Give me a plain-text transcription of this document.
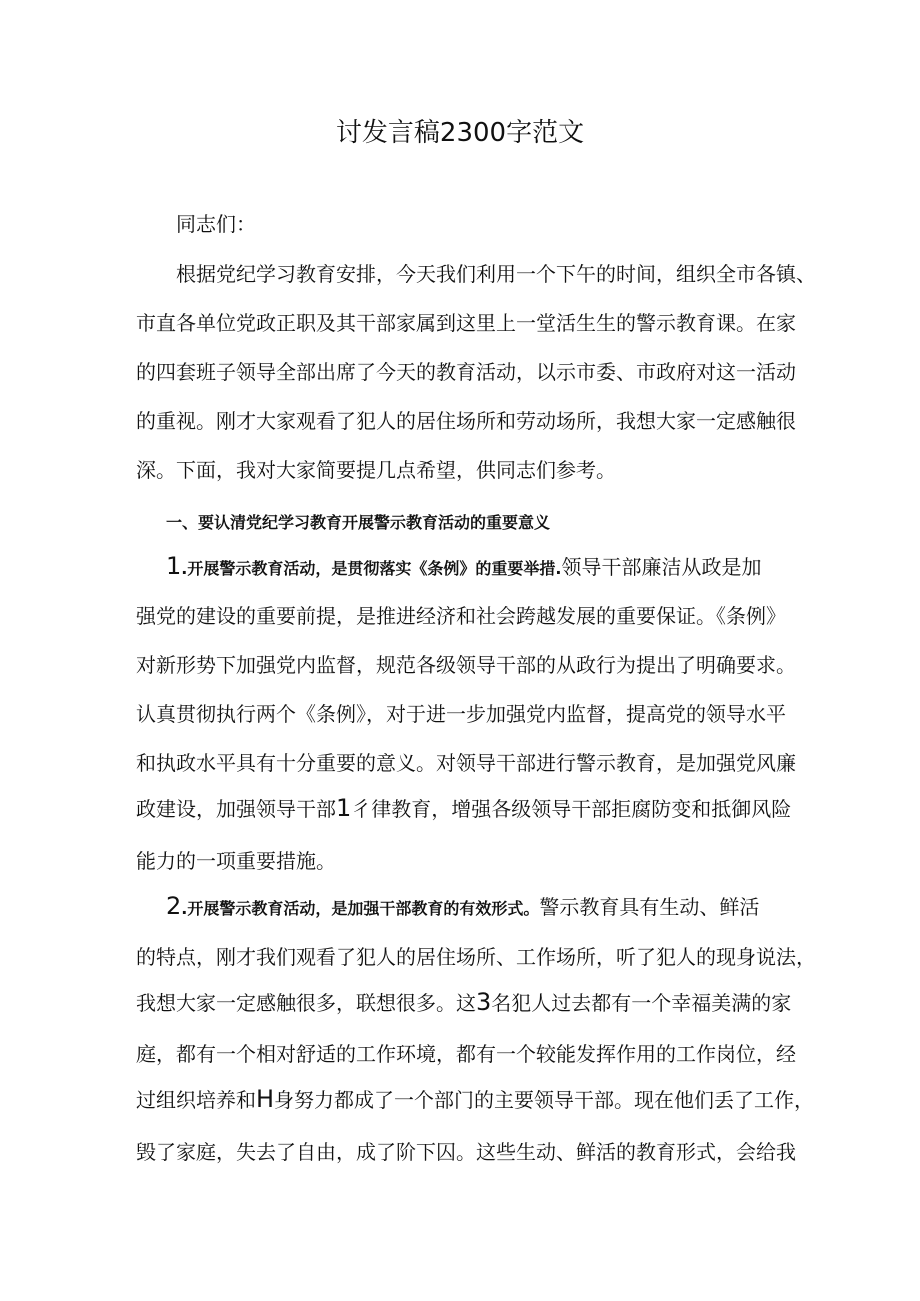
讨发言稿2300字范文
同志们：
根据党纪学习教育安排，今天我们利用一个下午的时间，组织全市各镇、
市直各单位党政正职及其干部家属到这里上一堂活生生的警示教育课。在家
的四套班子领导全部出席了今天的教育活动，以示市委、市政府对这一活动
的重视。刚才大家观看了犯人的居住场所和劳动场所，我想大家一定感触很
深。下面，我对大家简要提几点希望，供同志们参考。
一、要认清党纪学习教育开展警示教育活动的重要意义
1.开展警示教育活动，是贯彻落实《条例》的重要举措.领导干部廉洁从政是加
强党的建设的重要前提，是推进经济和社会跨越发展的重要保证。《条例》
对新形势下加强党内监督，规范各级领导干部的从政行为提出了明确要求。
认真贯彻执行两个《条例》，对于进一步加强党内监督，提高党的领导水平
和执政水平具有十分重要的意义。对领导干部进行警示教育，是加强党风廉
政建设，加强领导干部1彳律教育，增强各级领导干部拒腐防变和抵御风险
能力的一项重要措施。
2.开展警示教育活动，是加强干部教育的有效形式。警示教育具有生动、鲜活
的特点，刚才我们观看了犯人的居住场所、工作场所，听了犯人的现身说法，
我想大家一定感触很多，联想很多。这3名犯人过去都有一个幸福美满的家
庭，都有一个相对舒适的工作环境，都有一个较能发挥作用的工作岗位，经
过组织培养和H身努力都成了一个部门的主要领导干部。现在他们丢了工作，
毁了家庭，失去了自由，成了阶下囚。这些生动、鲜活的教育形式，会给我
